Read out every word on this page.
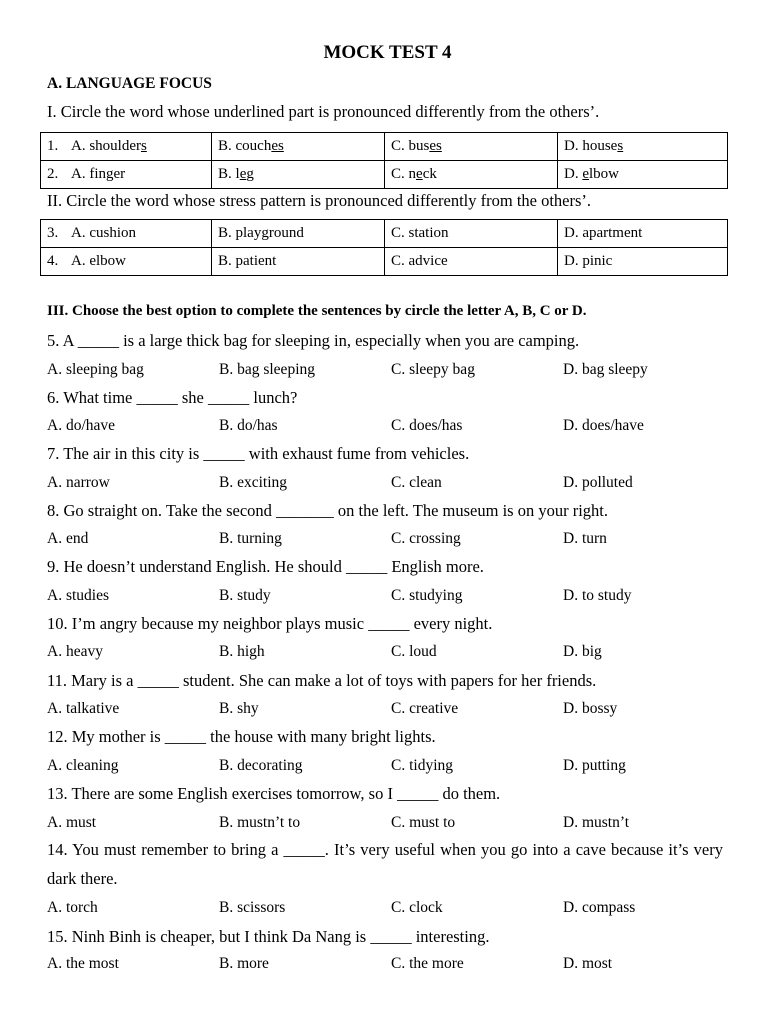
MOCK TEST 4
A. LANGUAGE FOCUS
I. Circle the word whose underlined part is pronounced differently from the others’.
1. A. shoulders	B. couches	C. buses	D. houses
2. A. finger	B. leg	C. neck	D. elbow
II. Circle the word whose stress pattern is pronounced differently from the others’.
3. A. cushion	B. playground	C. station	D. apartment
4. A. elbow	B. patient	C. advice	D. pinic
III. Choose the best option to complete the sentences by circle the letter A, B, C or D.
5. A _____ is a large thick bag for sleeping in, especially when you are camping.
A. sleeping bag	B. bag sleeping	C. sleepy bag	D. bag sleepy
6. What time _____ she _____ lunch?
A. do/have	B. do/has	C. does/has	D. does/have
7. The air in this city is _____ with exhaust fume from vehicles.
A. narrow	B. exciting	C. clean	D. polluted
8. Go straight on. Take the second _______ on the left. The museum is on your right.
A. end	B. turning	C. crossing	D. turn
9. He doesn’t understand English. He should _____ English more.
A. studies	B. study	C. studying	D. to study
10. I’m angry because my neighbor plays music _____ every night.
A. heavy	B. high	C. loud	D. big
11. Mary is a _____ student. She can make a lot of toys with papers for her friends.
A. talkative	B. shy	C. creative	D. bossy
12. My mother is _____ the house with many bright lights.
A. cleaning	B. decorating	C. tidying	D. putting
13. There are some English exercises tomorrow, so I _____ do them.
A. must	B. mustn’t to	C. must to	D. mustn’t
14. You must remember to bring a _____. It’s very useful when you go into a cave because it’s very dark there.
A. torch	B. scissors	C. clock	D. compass
15. Ninh Binh is cheaper, but I think Da Nang is _____ interesting.
A. the most	B. more	C. the more	D. most
